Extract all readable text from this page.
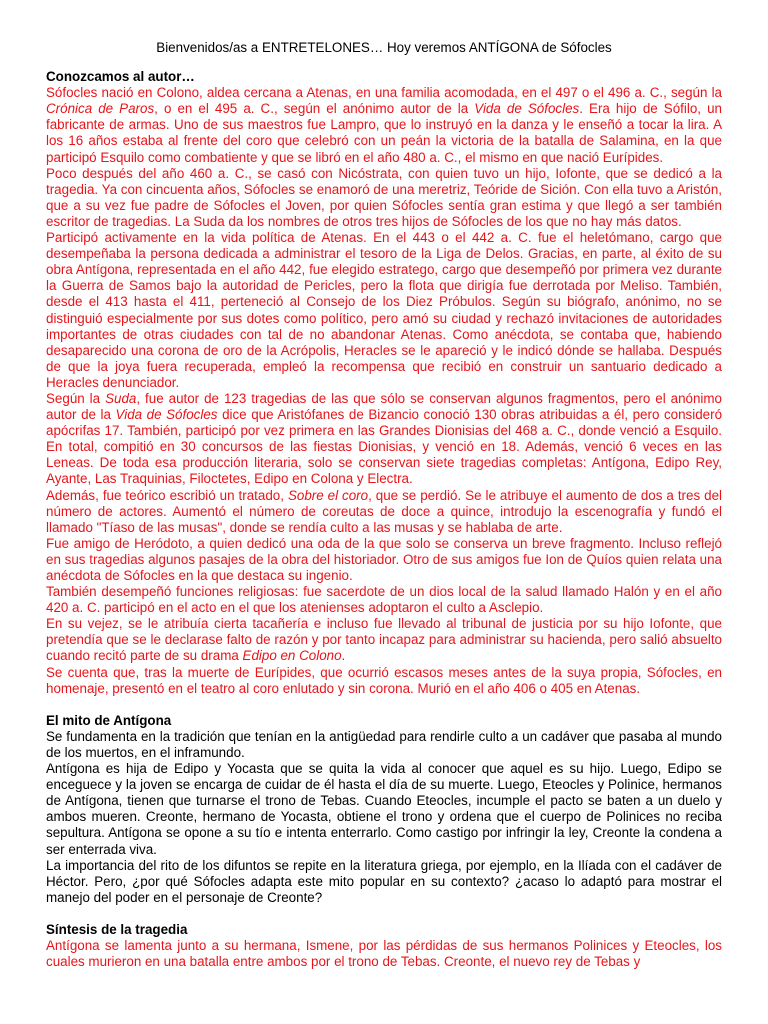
Bienvenidos/as a ENTRETELONES… Hoy veremos ANTÍGONA de Sófocles

Conozcamos al autor…

Sófocles nació en Colono, aldea cercana a Atenas, en una familia acomodada, en el 497 o el 496 a. C., según la Crónica de Paros, o en el 495 a. C., según el anónimo autor de la Vida de Sófocles. Era hijo de Sófilo, un fabricante de armas. Uno de sus maestros fue Lampro, que lo instruyó en la danza y le enseñó a tocar la lira. A los 16 años estaba al frente del coro que celebró con un peán la victoria de la batalla de Salamina, en la que participó Esquilo como combatiente y que se libró en el año 480 a. C., el mismo en que nació Eurípides.

Poco después del año 460 a. C., se casó con Nicóstrata, con quien tuvo un hijo, Iofonte, que se dedicó a la tragedia. Ya con cincuenta años, Sófocles se enamoró de una meretriz, Teóride de Sición. Con ella tuvo a Aristón, que a su vez fue padre de Sófocles el Joven, por quien Sófocles sentía gran estima y que llegó a ser también escritor de tragedias. La Suda da los nombres de otros tres hijos de Sófocles de los que no hay más datos.

Participó activamente en la vida política de Atenas. En el 443 o el 442 a. C. fue el heletómano, cargo que desempeñaba la persona dedicada a administrar el tesoro de la Liga de Delos. Gracias, en parte, al éxito de su obra Antígona, representada en el año 442, fue elegido estratego, cargo que desempeñó por primera vez durante la Guerra de Samos bajo la autoridad de Pericles, pero la flota que dirigía fue derrotada por Meliso. También, desde el 413 hasta el 411, perteneció al Consejo de los Diez Próbulos. Según su biógrafo, anónimo, no se distinguió especialmente por sus dotes como político, pero amó su ciudad y rechazó invitaciones de autoridades importantes de otras ciudades con tal de no abandonar Atenas. Como anécdota, se contaba que, habiendo desaparecido una corona de oro de la Acrópolis, Heracles se le apareció y le indicó dónde se hallaba. Después de que la joya fuera recuperada, empleó la recompensa que recibió en construir un santuario dedicado a Heracles denunciador.

Según la Suda, fue autor de 123 tragedias de las que sólo se conservan algunos fragmentos, pero el anónimo autor de la Vida de Sófocles dice que Aristófanes de Bizancio conoció 130 obras atribuidas a él, pero consideró apócrifas 17. También, participó por vez primera en las Grandes Dionisias del 468 a. C., donde venció a Esquilo. En total, compitió en 30 concursos de las fiestas Dionisias, y venció en 18. Además, venció 6 veces en las Leneas. De toda esa producción literaria, solo se conservan siete tragedias completas: Antígona, Edipo Rey, Ayante, Las Traquinias, Filoctetes, Edipo en Colona y Electra.

Además, fue teórico escribió un tratado, Sobre el coro, que se perdió. Se le atribuye el aumento de dos a tres del número de actores. Aumentó el número de coreutas de doce a quince, introdujo la escenografía y fundó el llamado "Tíaso de las musas", donde se rendía culto a las musas y se hablaba de arte.

Fue amigo de Heródoto, a quien dedicó una oda de la que solo se conserva un breve fragmento. Incluso reflejó en sus tragedias algunos pasajes de la obra del historiador. Otro de sus amigos fue Ion de Quíos quien relata una anécdota de Sófocles en la que destaca su ingenio.

También desempeñó funciones religiosas: fue sacerdote de un dios local de la salud llamado Halón y en el año 420 a. C. participó en el acto en el que los atenienses adoptaron el culto a Asclepio.

En su vejez, se le atribuía cierta tacañería e incluso fue llevado al tribunal de justicia por su hijo Iofonte, que pretendía que se le declarase falto de razón y por tanto incapaz para administrar su hacienda, pero salió absuelto cuando recitó parte de su drama Edipo en Colono.

Se cuenta que, tras la muerte de Eurípides, que ocurrió escasos meses antes de la suya propia, Sófocles, en homenaje, presentó en el teatro al coro enlutado y sin corona. Murió en el año 406 o 405 en Atenas.

El mito de Antígona

Se fundamenta en la tradición que tenían en la antigüedad para rendirle culto a un cadáver que pasaba al mundo de los muertos, en el inframundo.

Antígona es hija de Edipo y Yocasta que se quita la vida al conocer que aquel es su hijo. Luego, Edipo se enceguece y la joven se encarga de cuidar de él hasta el día de su muerte. Luego, Eteocles y Polinice, hermanos de Antígona, tienen que turnarse el trono de Tebas. Cuando Eteocles, incumple el pacto se baten a un duelo y ambos mueren. Creonte, hermano de Yocasta, obtiene el trono y ordena que el cuerpo de Polinices no reciba sepultura. Antígona se opone a su tío e intenta enterrarlo. Como castigo por infringir la ley, Creonte la condena a ser enterrada viva.

La importancia del rito de los difuntos se repite en la literatura griega, por ejemplo, en la Ilíada con el cadáver de Héctor. Pero, ¿por qué Sófocles adapta este mito popular en su contexto? ¿acaso lo adaptó para mostrar el manejo del poder en el personaje de Creonte?

Síntesis de la tragedia

Antígona se lamenta junto a su hermana, Ismene, por las pérdidas de sus hermanos Polinices y Eteocles, los cuales murieron en una batalla entre ambos por el trono de Tebas. Creonte, el nuevo rey de Tebas y
